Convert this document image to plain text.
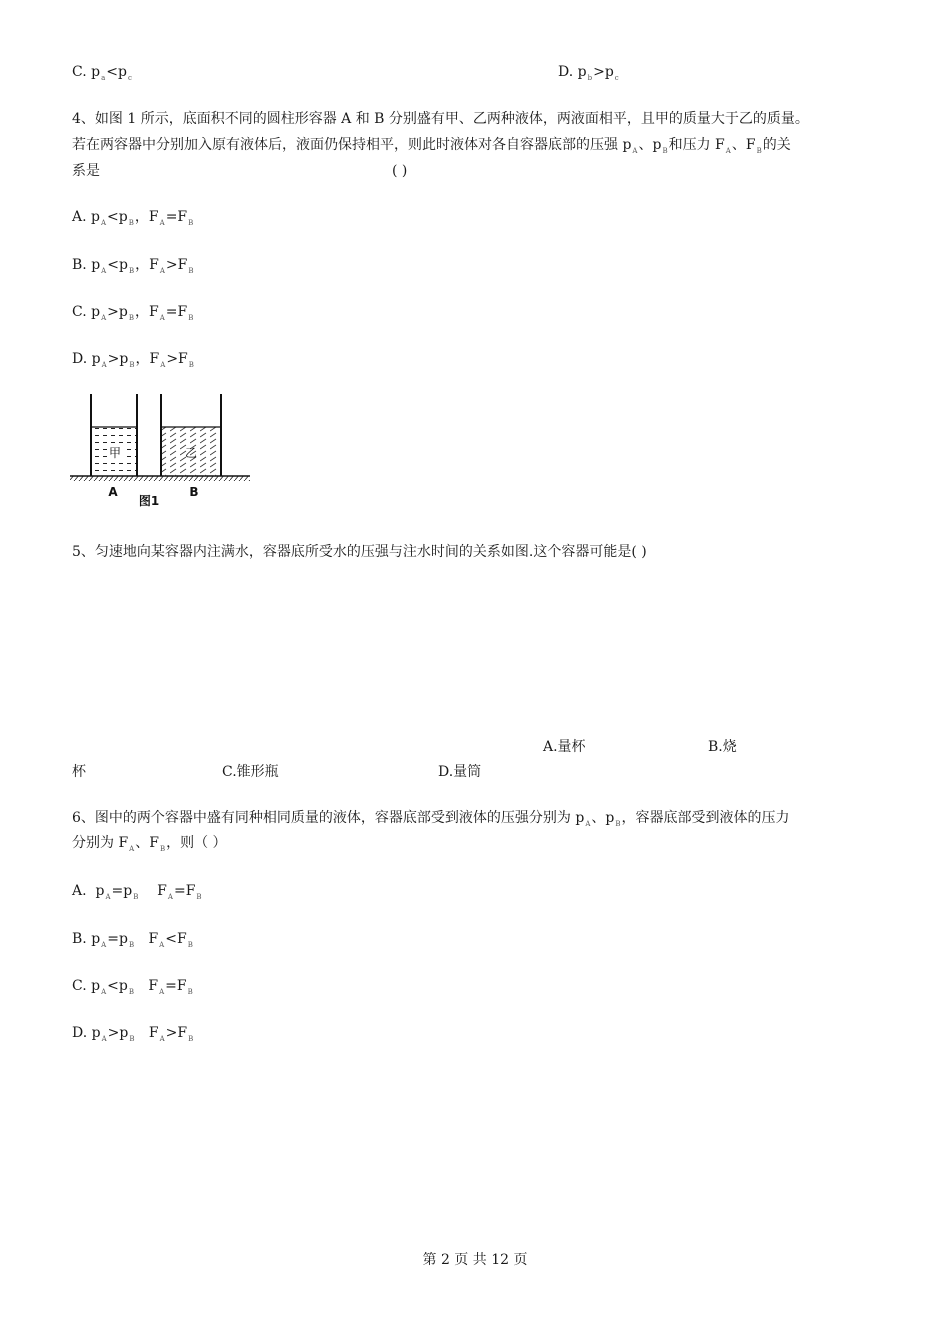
C. $p_a<p_c$	D. $p_b>p_c$
4、如图 1 所示，底面积不同的圆柱形容器 A 和 B 分别盛有甲、乙两种液体，两液面相平，且甲的质量大于乙的质量。
若在两容器中分别加入原有液体后，液面仍保持相平，则此时液体对各自容器底部的压强 $p_A$、$p_B$和压力 $F_A$、$F_B$的关
系是	( )
A. $p_A<p_B$，$F_A=F_B$
B. $p_A<p_B$，$F_A>F_B$
C. $p_A>p_B$，$F_A=F_B$
D. $p_A>p_B$，$F_A>F_B$
甲	乙
A	B
图1
5、匀速地向某容器内注满水，容器底所受水的压强与注水时间的关系如图.这个容器可能是( )
A.量杯	B.烧
杯	C.锥形瓶	D.量筒
6、图中的两个容器中盛有同种相同质量的液体，容器底部受到液体的压强分别为 $p_A$、$p_B$，容器底部受到液体的压力
分别为 $F_A$、$F_B$，则（ ）
A. $p_A=p_B$ $F_A=F_B$
B. $p_A=p_B$ $F_A<F_B$
C. $p_A<p_B$ $F_A=F_B$
D. $p_A>p_B$ $F_A>F_B$
第 2 页 共 12 页
